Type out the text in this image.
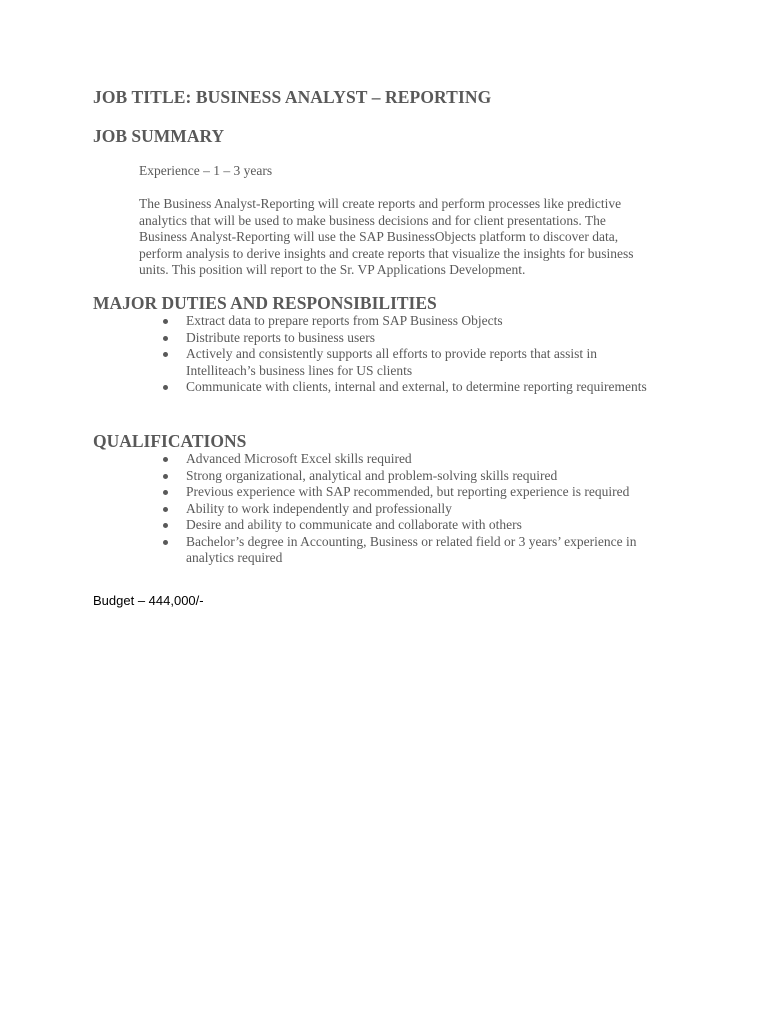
JOB TITLE: BUSINESS ANALYST – REPORTING
JOB SUMMARY

Experience – 1 – 3 years

The Business Analyst-Reporting will create reports and perform processes like predictive
analytics that will be used to make business decisions and for client presentations. The
Business Analyst-Reporting will use the SAP BusinessObjects platform to discover data,
perform analysis to derive insights and create reports that visualize the insights for business
units. This position will report to the Sr. VP Applications Development.

MAJOR DUTIES AND RESPONSIBILITIES
Extract data to prepare reports from SAP Business Objects
Distribute reports to business users
Actively and consistently supports all efforts to provide reports that assist in
Intelliteach’s business lines for US clients
Communicate with clients, internal and external, to determine reporting requirements
QUALIFICATIONS
Advanced Microsoft Excel skills required
Strong organizational, analytical and problem-solving skills required
Previous experience with SAP recommended, but reporting experience is required
Ability to work independently and professionally
Desire and ability to communicate and collaborate with others
Bachelor’s degree in Accounting, Business or related field or 3 years’ experience in
analytics required

Budget – 444,000/-
